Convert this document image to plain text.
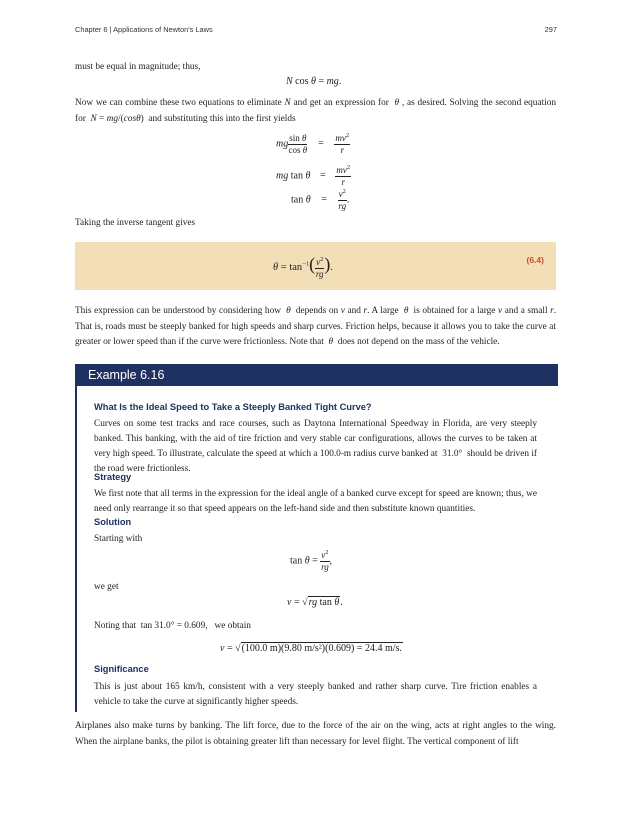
Chapter 6 | Applications of Newton's Laws	297
must be equal in magnitude; thus,
N cos θ = mg.
Now we can combine these two equations to eliminate N and get an expression for  θ , as desired. Solving the second equation for  N = mg/(cosθ)  and substituting this into the first yields
mg $\frac{\text{sin θ}}{\text{cos θ}} = \frac{mv^2}{r}$
mg $\tan \theta = \frac{mv^2}{r}$
$\tan \theta = \frac{v^2}{rg}$ .
Taking the inverse tangent gives
$\theta = \tan^{-1}( \frac{v^2}{rg}$ ).
(6.4)
This expression can be understood by considering how  θ  depends on v and r. A large  θ  is obtained for a large v and a small r. That is, roads must be steeply banked for high speeds and sharp curves. Friction helps, because it allows you to take the curve at greater or lower speed than if the curve were frictionless. Note that  θ  does not depend on the mass of the vehicle.
Example 6.16
What Is the Ideal Speed to Take a Steeply Banked Tight Curve?
Curves on some test tracks and race courses, such as Daytona International Speedway in Florida, are very steeply banked. This banking, with the aid of tire friction and very stable car configurations, allows the curves to be taken at very high speed. To illustrate, calculate the speed at which a 100.0-m radius curve banked at 31.0° should be driven if the road were frictionless.
Strategy
We first note that all terms in the expression for the ideal angle of a banked curve except for speed are known; thus, we need only rearrange it so that speed appears on the left-hand side and then substitute known quantities.
Solution
Starting with
$\tan \theta = \frac{v^2}{rg}$ ,
we get
v = √rg tan θ.
Noting that tan 31.0° = 0.609, we obtain
v = √(100.0 m)(9.80 m/s²)(0.609) = 24.4 m/s.
Significance
This is just about 165 km/h, consistent with a very steeply banked and rather sharp curve. Tire friction enables a vehicle to take the curve at significantly higher speeds.
Airplanes also make turns by banking. The lift force, due to the force of the air on the wing, acts at right angles to the wing. When the airplane banks, the pilot is obtaining greater lift than necessary for level flight. The vertical component of lift
